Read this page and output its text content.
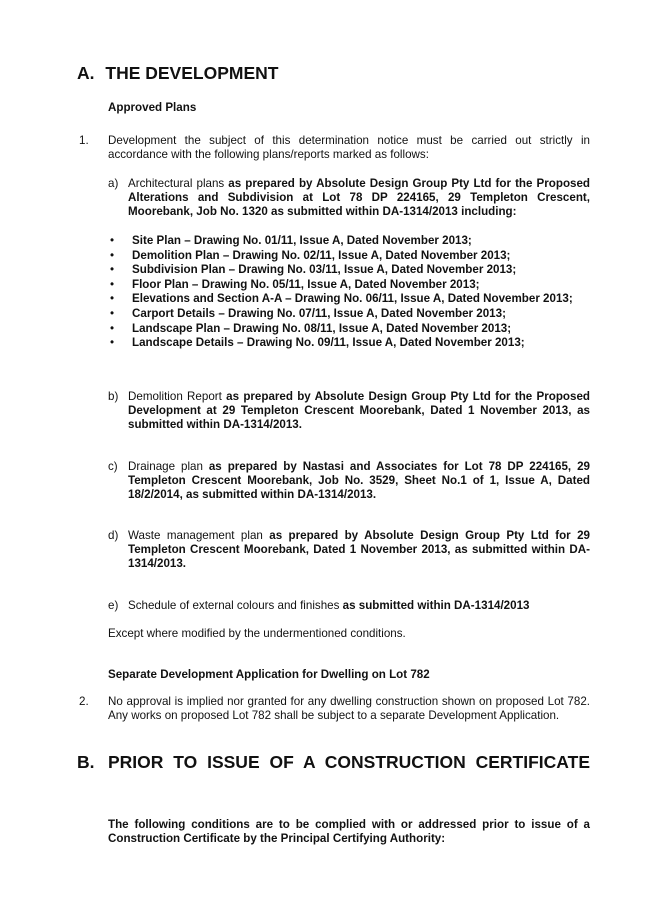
A. THE DEVELOPMENT
Approved Plans
1. Development the subject of this determination notice must be carried out strictly in accordance with the following plans/reports marked as follows:
a) Architectural plans as prepared by Absolute Design Group Pty Ltd for the Proposed Alterations and Subdivision at Lot 78 DP 224165, 29 Templeton Crescent, Moorebank, Job No. 1320 as submitted within DA-1314/2013 including:
• Site Plan – Drawing No. 01/11, Issue A, Dated November 2013;
• Demolition Plan – Drawing No. 02/11, Issue A, Dated November 2013;
• Subdivision Plan – Drawing No. 03/11, Issue A, Dated November 2013;
• Floor Plan – Drawing No. 05/11, Issue A, Dated November 2013;
• Elevations and Section A-A – Drawing No. 06/11, Issue A, Dated November 2013;
• Carport Details – Drawing No. 07/11, Issue A, Dated November 2013;
• Landscape Plan – Drawing No. 08/11, Issue A, Dated November 2013;
• Landscape Details – Drawing No. 09/11, Issue A, Dated November 2013;
b) Demolition Report as prepared by Absolute Design Group Pty Ltd for the Proposed Development at 29 Templeton Crescent Moorebank, Dated 1 November 2013, as submitted within DA-1314/2013.
c) Drainage plan as prepared by Nastasi and Associates for Lot 78 DP 224165, 29 Templeton Crescent Moorebank, Job No. 3529, Sheet No.1 of 1, Issue A, Dated 18/2/2014, as submitted within DA-1314/2013.
d) Waste management plan as prepared by Absolute Design Group Pty Ltd for 29 Templeton Crescent Moorebank, Dated 1 November 2013, as submitted within DA-1314/2013.
e) Schedule of external colours and finishes as submitted within DA-1314/2013
Except where modified by the undermentioned conditions.
Separate Development Application for Dwelling on Lot 782
2. No approval is implied nor granted for any dwelling construction shown on proposed Lot 782. Any works on proposed Lot 782 shall be subject to a separate Development Application.
B. PRIOR TO ISSUE OF A CONSTRUCTION CERTIFICATE
The following conditions are to be complied with or addressed prior to issue of a Construction Certificate by the Principal Certifying Authority:
